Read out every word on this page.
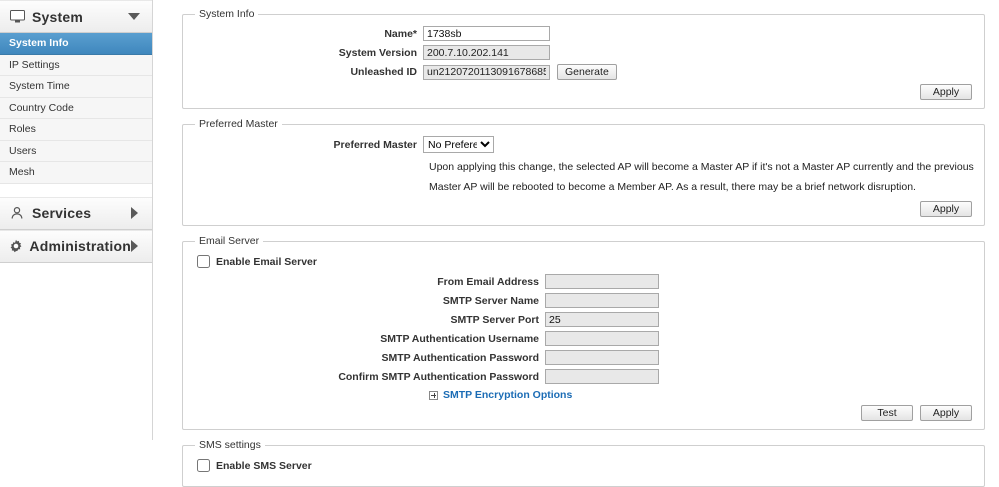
System
System Info
IP Settings
System Time
Country Code
Roles
Users
Mesh
Services
Administration
System Info
Name*
1738sb
System Version
200.7.10.202.141
Unleashed ID
un2120720113091678685378814	Generate
Apply
Preferred Master
Preferred Master
No Preference
Upon applying this change, the selected AP will become a Master AP if it's not a Master AP currently and the previous Master AP will be rebooted to become a Member AP. As a result, there may be a brief network disruption.
Apply
Email Server
Enable Email Server
From Email Address
SMTP Server Name
SMTP Server Port
25
SMTP Authentication Username
SMTP Authentication Password
Confirm SMTP Authentication Password
SMTP Encryption Options
Test	Apply
SMS settings
Enable SMS Server
